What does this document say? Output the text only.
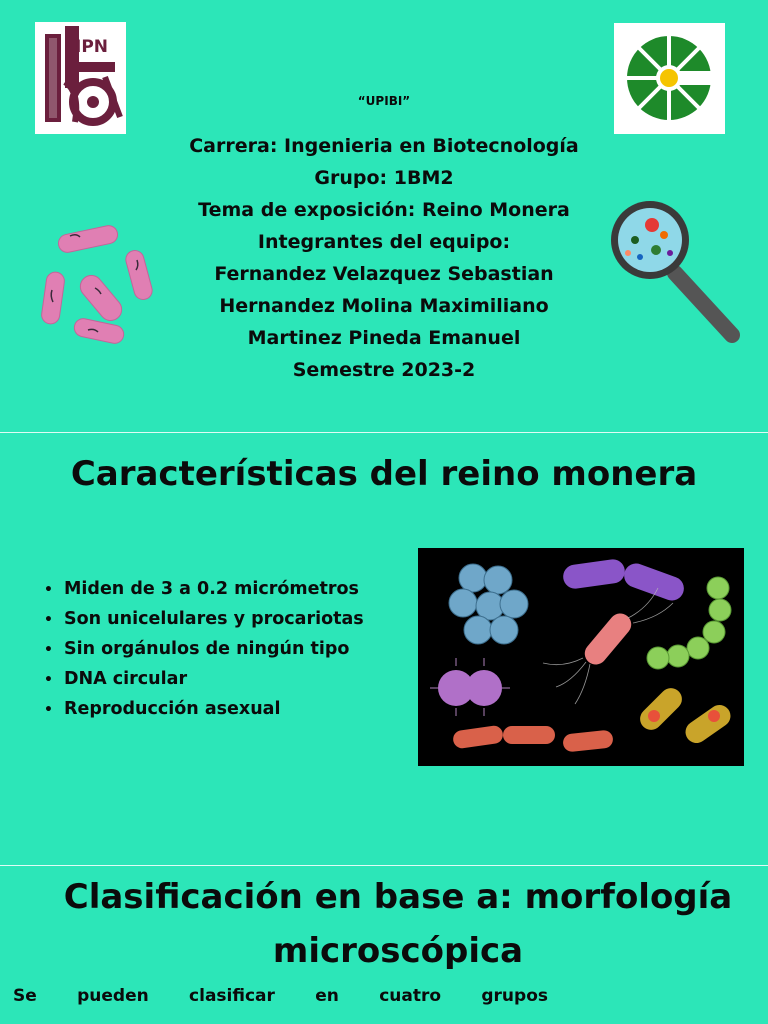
IPN
“UPIBI”
Carrera: Ingenieria en Biotecnología
Grupo: 1BM2
Tema de exposición: Reino Monera
Integrantes del equipo:
Fernandez Velazquez Sebastian
Hernandez Molina Maximiliano
Martinez Pineda Emanuel
Semestre 2023-2
Características del reino monera
• Miden de 3 a 0.2 micrómetros
• Son unicelulares y procariotas
• Sin orgánulos de ningún tipo
• DNA circular
• Reproducción asexual
Clasificación en base a: morfología
microscópica
Se pueden clasificar en cuatro grupos
